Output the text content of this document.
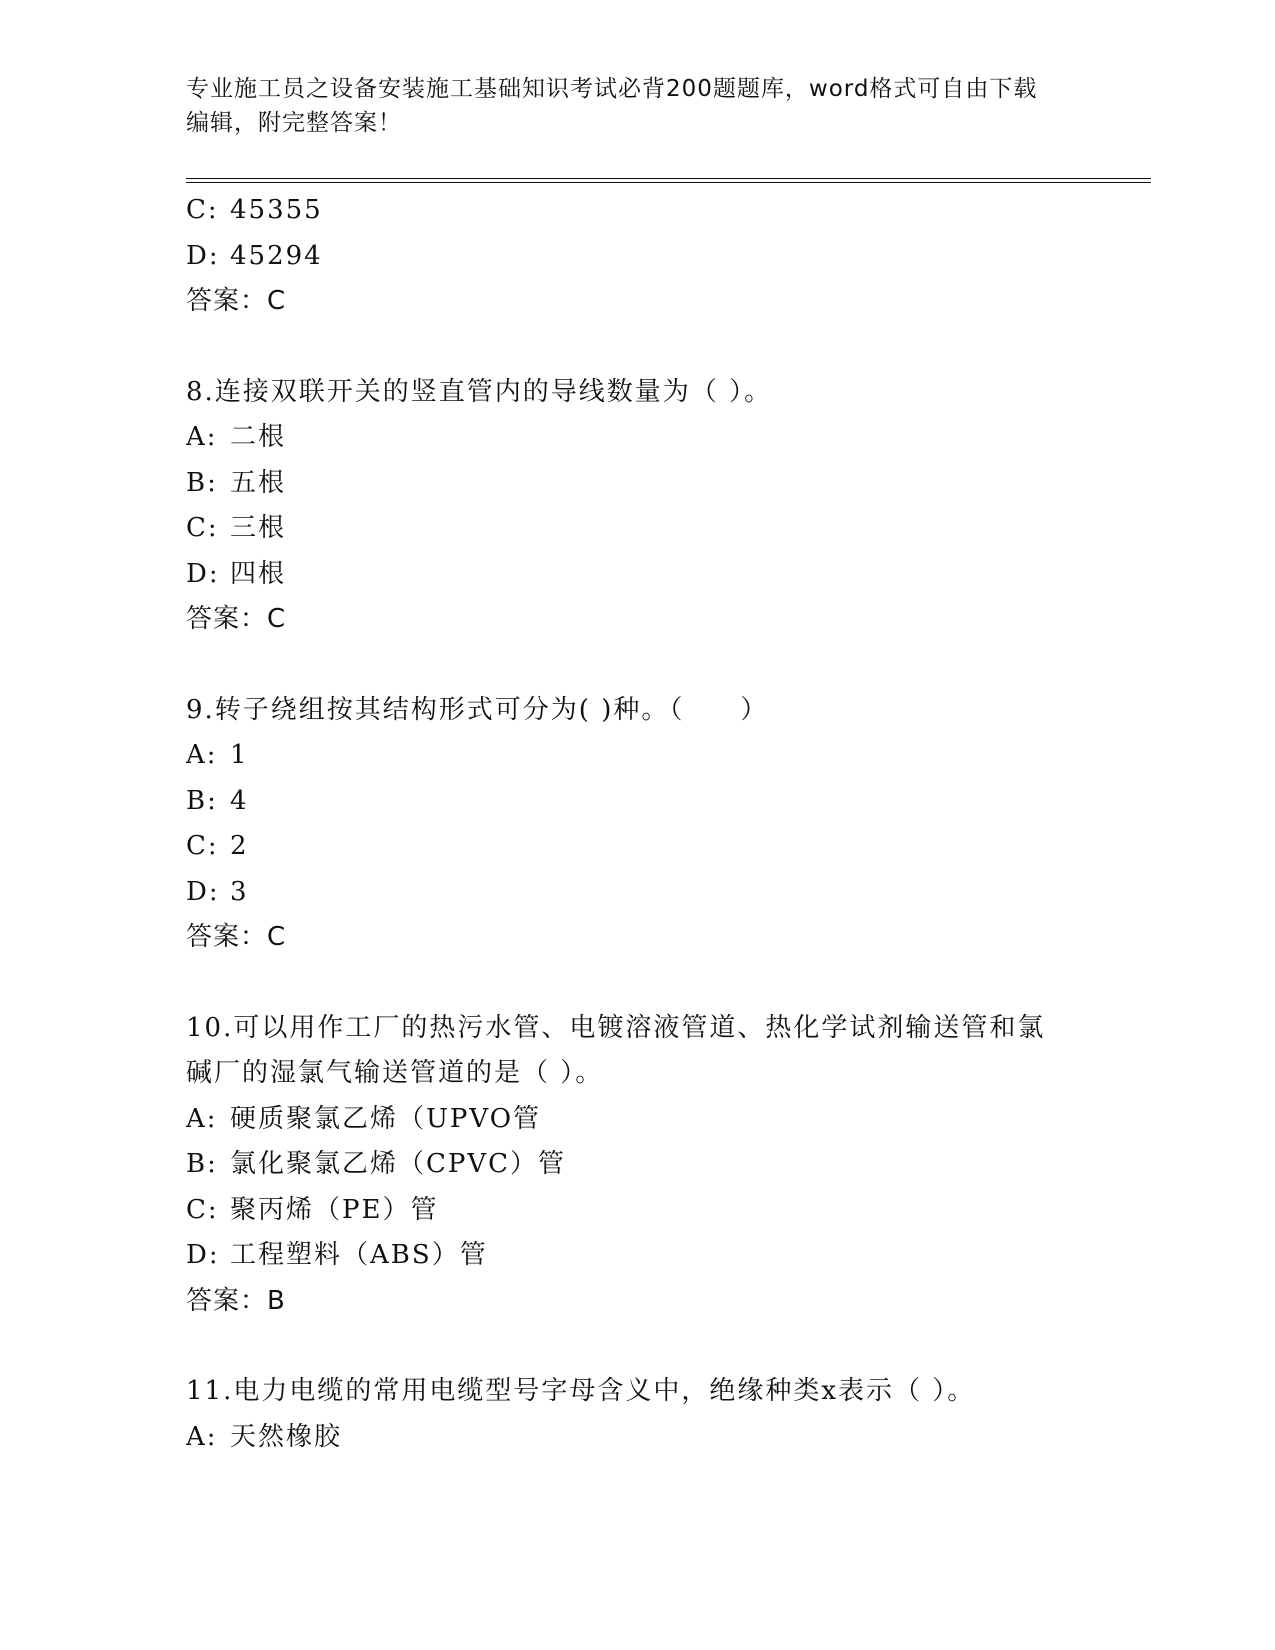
专业施工员之设备安装施工基础知识考试必背200题题库，word格式可自由下载
编辑，附完整答案！
C: 45355
D: 45294
答案：C
8.连接双联开关的竖直管内的导线数量为（ ）。
A: 二根
B: 五根
C: 三根
D: 四根
答案：C
9.转子绕组按其结构形式可分为( )种。（　　）
A: 1
B: 4
C: 2
D: 3
答案：C
10.可以用作工厂的热污水管、电镀溶液管道、热化学试剂输送管和氯
碱厂的湿氯气输送管道的是（ ）。
A: 硬质聚氯乙烯（UPVO管
B: 氯化聚氯乙烯（CPVC）管
C: 聚丙烯（PE）管
D: 工程塑料（ABS）管
答案：B
11.电力电缆的常用电缆型号字母含义中，绝缘种类x表示（ ）。
A: 天然橡胶
